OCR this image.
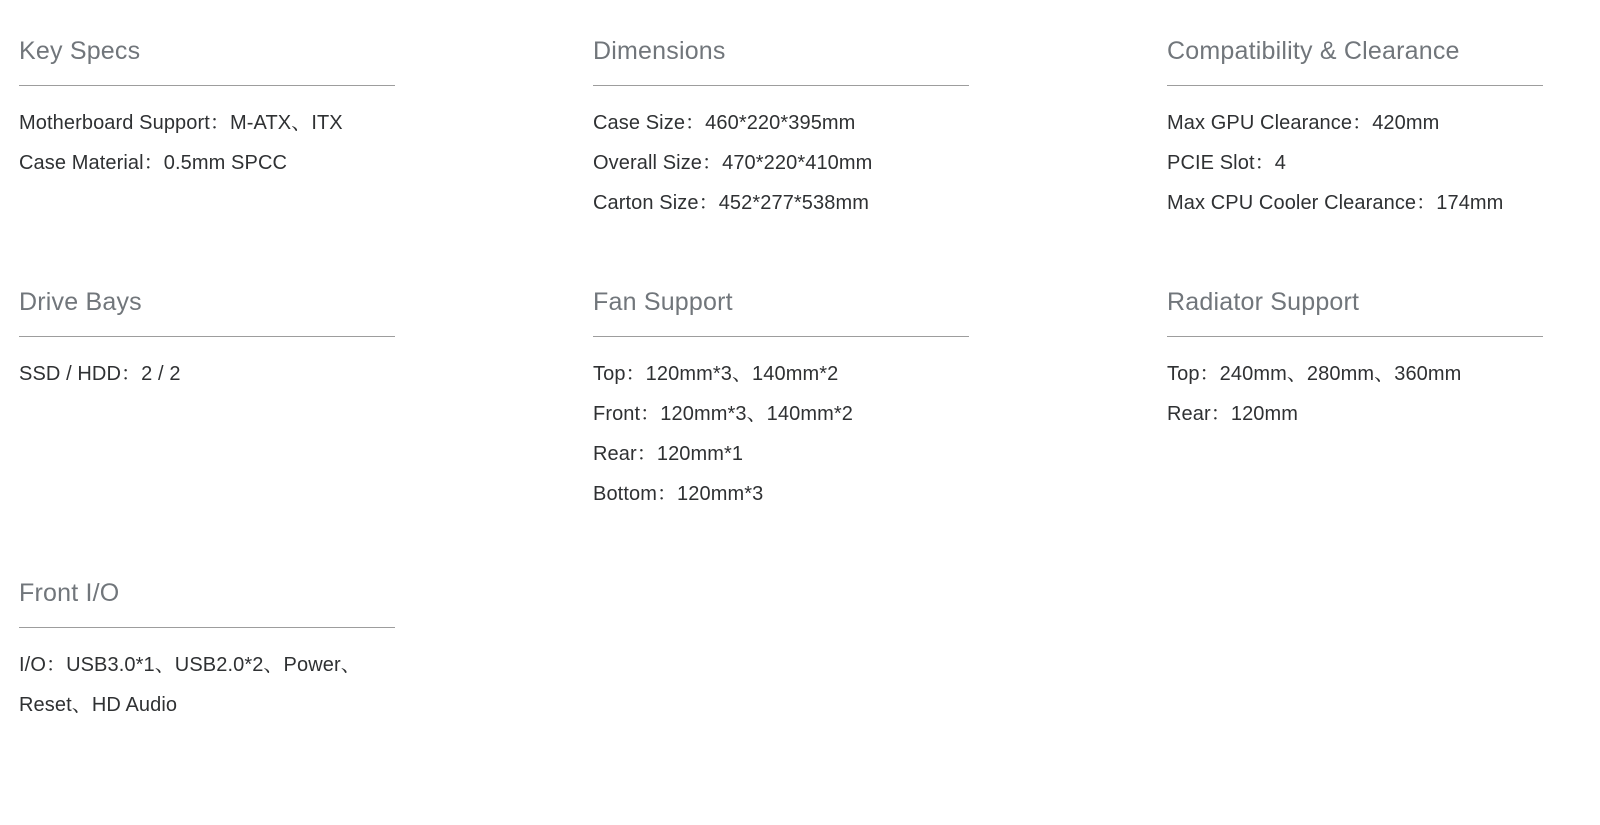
Key Specs

Motherboard Support：M-ATX、ITX

Case Material：0.5mm SPCC

Dimensions

Case Size：460*220*395mm

Overall Size：470*220*410mm

Carton Size：452*277*538mm

Compatibility & Clearance

Max GPU Clearance：420mm

PCIE Slot：4

Max CPU Cooler Clearance：174mm

Drive Bays

SSD / HDD：2 / 2

Fan Support

Top：120mm*3、140mm*2

Front：120mm*3、140mm*2

Rear：120mm*1

Bottom：120mm*3

Radiator Support

Top：240mm、280mm、360mm

Rear：120mm

Front I/O

I/O：USB3.0*1、USB2.0*2、Power、Reset、HD Audio
